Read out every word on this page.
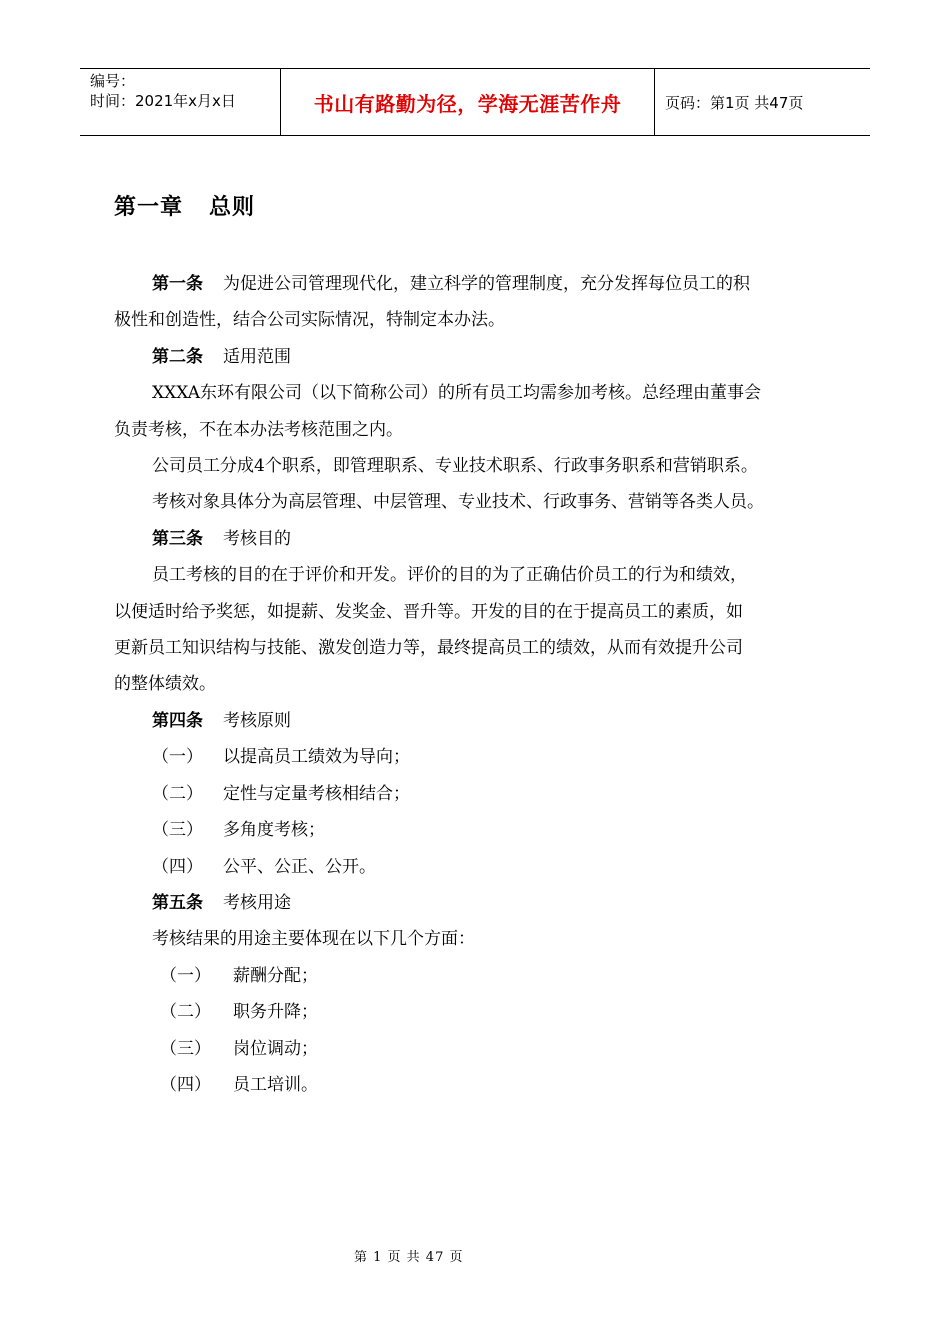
编号：
时间：2021年x月x日	书山有路勤为径，学海无涯苦作舟	页码：第1页 共47页
第一章 总则
第一条 为促进公司管理现代化，建立科学的管理制度，充分发挥每位员工的积
极性和创造性，结合公司实际情况，特制定本办法。
第二条 适用范围
XXXA东环有限公司（以下简称公司）的所有员工均需参加考核。总经理由董事会
负责考核，不在本办法考核范围之内。
公司员工分成4个职系，即管理职系、专业技术职系、行政事务职系和营销职系。
考核对象具体分为高层管理、中层管理、专业技术、行政事务、营销等各类人员。
第三条 考核目的
员工考核的目的在于评价和开发。评价的目的为了正确估价员工的行为和绩效，
以便适时给予奖惩，如提薪、发奖金、晋升等。开发的目的在于提高员工的素质，如
更新员工知识结构与技能、激发创造力等，最终提高员工的绩效，从而有效提升公司
的整体绩效。
第四条 考核原则
（一） 以提高员工绩效为导向；
（二） 定性与定量考核相结合；
（三） 多角度考核；
（四） 公平、公正、公开。
第五条 考核用途
考核结果的用途主要体现在以下几个方面：
（一） 薪酬分配；
（二） 职务升降；
（三） 岗位调动；
（四） 员工培训。
第 1 页 共 47 页
